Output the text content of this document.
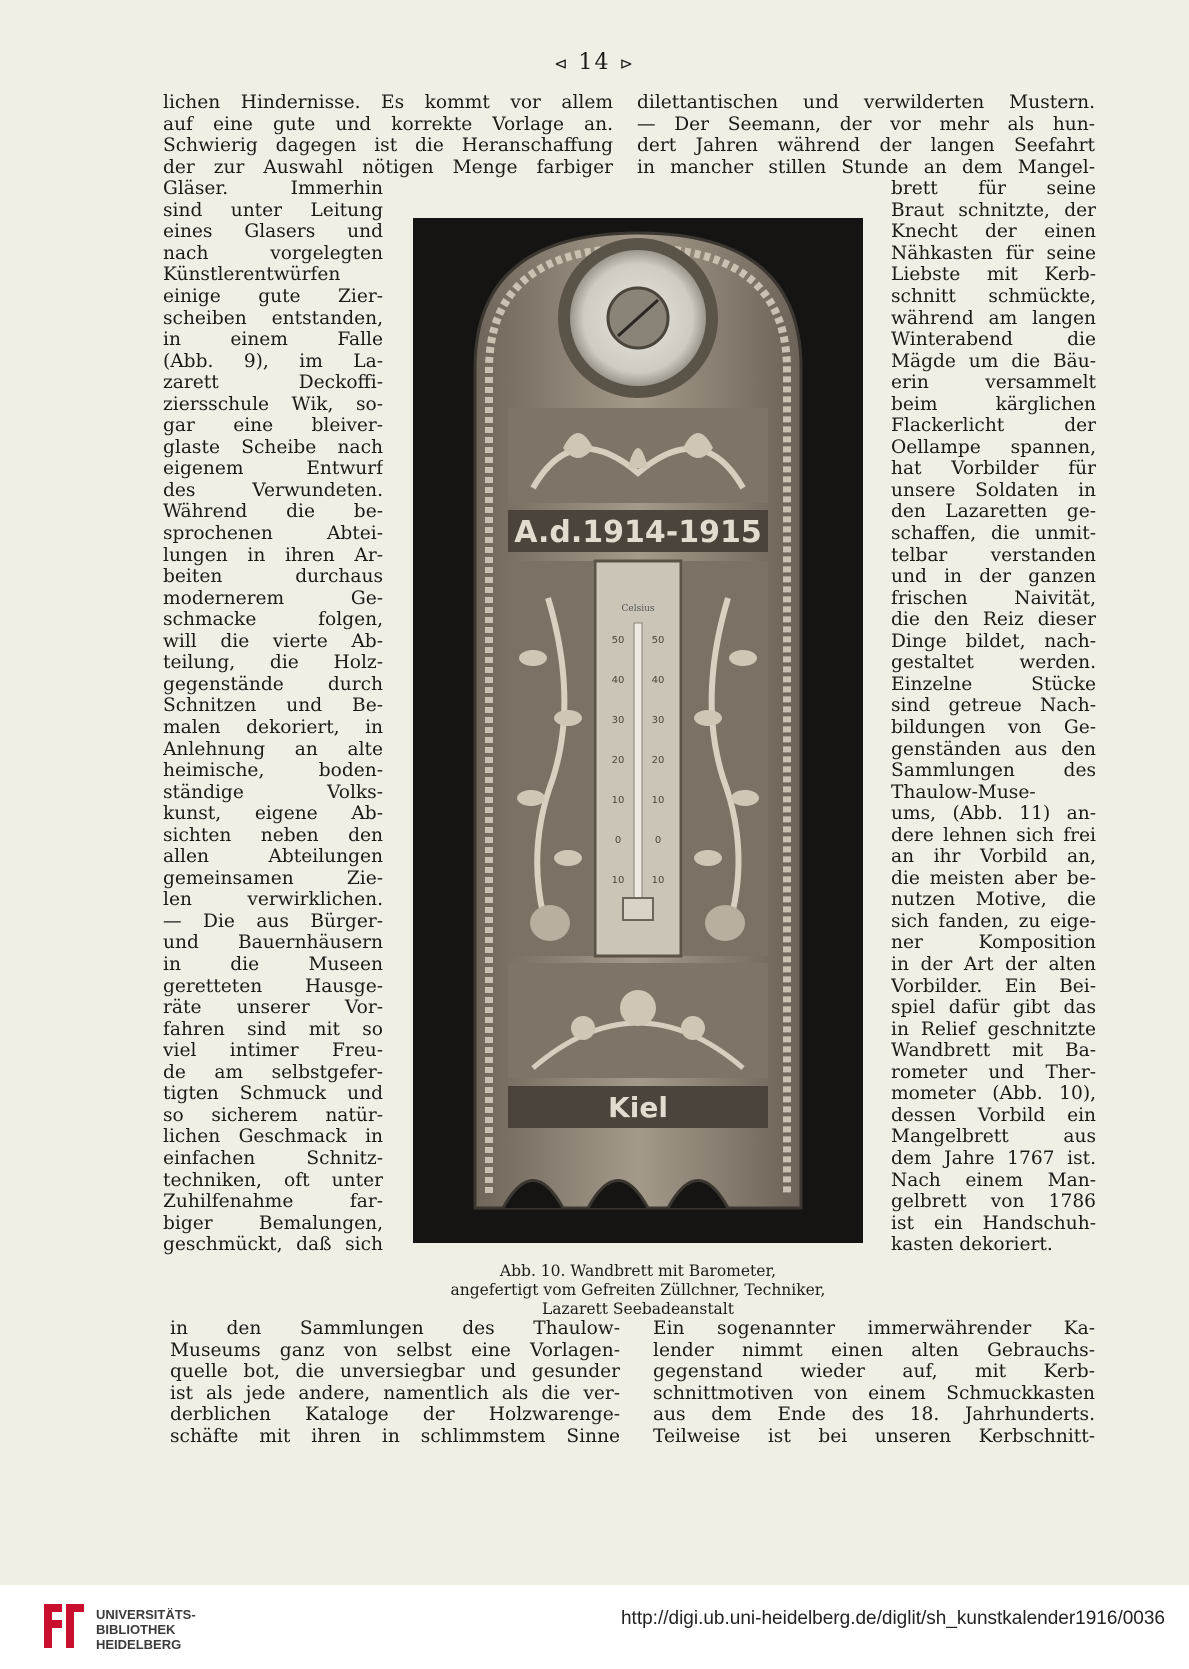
⊲ 14 ⊳
dilettantischen und verwilderten Mustern.
— Der Seemann, der vor mehr als hun-
dert Jahren während der langen Seefahrt
in mancher stillen Stunde an dem Mangel-
lichen Hindernisse. Es kommt vor allem
auf eine gute und korrekte Vorlage an.
Schwierig dagegen ist die Heranschaffung
der zur Auswahl nötigen Menge farbiger
Gläser. Immerhin
sind unter Leitung
eines Glasers und
nach vorgelegten
Künstlerentwürfen
einige gute Zier-
scheiben entstanden,
in einem Falle
(Abb. 9), im La-
zarett Deckoffi-
ziersschule Wik, so-
gar eine bleiver-
glaste Scheibe nach
eigenem Entwurf
des Verwundeten.
Während die be-
sprochenen Abtei-
lungen in ihren Ar-
beiten durchaus
modernerem Ge-
schmacke folgen,
will die vierte Ab-
teilung, die Holz-
gegenstände durch
Schnitzen und Be-
malen dekoriert, in
Anlehnung an alte
heimische, boden-
ständige Volks-
kunst, eigene Ab-
sichten neben den
allen Abteilungen
gemeinsamen Zie-
len verwirklichen.
— Die aus Bürger-
und Bauernhäusern
in die Museen
geretteten Hausge-
räte unserer Vor-
fahren sind mit so
viel intimer Freu-
de am selbstgefer-
tigten Schmuck und
so sicherem natür-
lichen Geschmack in
einfachen Schnitz-
techniken, oft unter
Zuhilfenahme far-
biger Bemalungen,
geschmückt, daß sich
brett für seine
Braut schnitzte, der
Knecht der einen
Nähkasten für seine
Liebste mit Kerb-
schnitt schmückte,
während am langen
Winterabend die
Mägde um die Bäu-
erin versammelt
beim kärglichen
Flackerlicht der
Oellampe spannen,
hat Vorbilder für
unsere Soldaten in
den Lazaretten ge-
schaffen, die unmit-
telbar verstanden
und in der ganzen
frischen Naivität,
die den Reiz dieser
Dinge bildet, nach-
gestaltet werden.
Einzelne Stücke
sind getreue Nach-
bildungen von Ge-
genständen aus den
Sammlungen des
Thaulow-Muse-
ums, (Abb. 11) an-
dere lehnen sich frei
an ihr Vorbild an,
die meisten aber be-
nutzen Motive, die
sich fanden, zu eige-
ner Komposition
in der Art der alten
Vorbilder. Ein Bei-
spiel dafür gibt das
in Relief geschnitzte
Wandbrett mit Ba-
rometer und Ther-
mometer (Abb. 10),
dessen Vorbild ein
Mangelbrett aus
dem Jahre 1767 ist.
Nach einem Man-
gelbrett von 1786
ist ein Handschuh-
kasten dekoriert.
in den Sammlungen des Thaulow-
Museums ganz von selbst eine Vorlagen-
quelle bot, die unversiegbar und gesunder
ist als jede andere, namentlich als die ver-
derblichen Kataloge der Holzwarenge-
schäfte mit ihren in schlimmstem Sinne
Ein sogenannter immerwährender Ka-
lender nimmt einen alten Gebrauchs-
gegenstand wieder auf, mit Kerb-
schnittmotiven von einem Schmuckkasten
aus dem Ende des 18. Jahrhunderts.
Teilweise ist bei unseren Kerbschnitt-
A.d.1914-1915
Celsius
50	50
40	40
30	30
20	20
10	10
0	0
10	10
Kiel
Abb. 10. Wandbrett mit Barometer,
angefertigt vom Gefreiten Züllchner, Techniker,
Lazarett Seebadeanstalt
UNIVERSITÄTS-
BIBLIOTHEK
HEIDELBERG
http://digi.ub.uni-heidelberg.de/diglit/sh_kunstkalender1916/0036
